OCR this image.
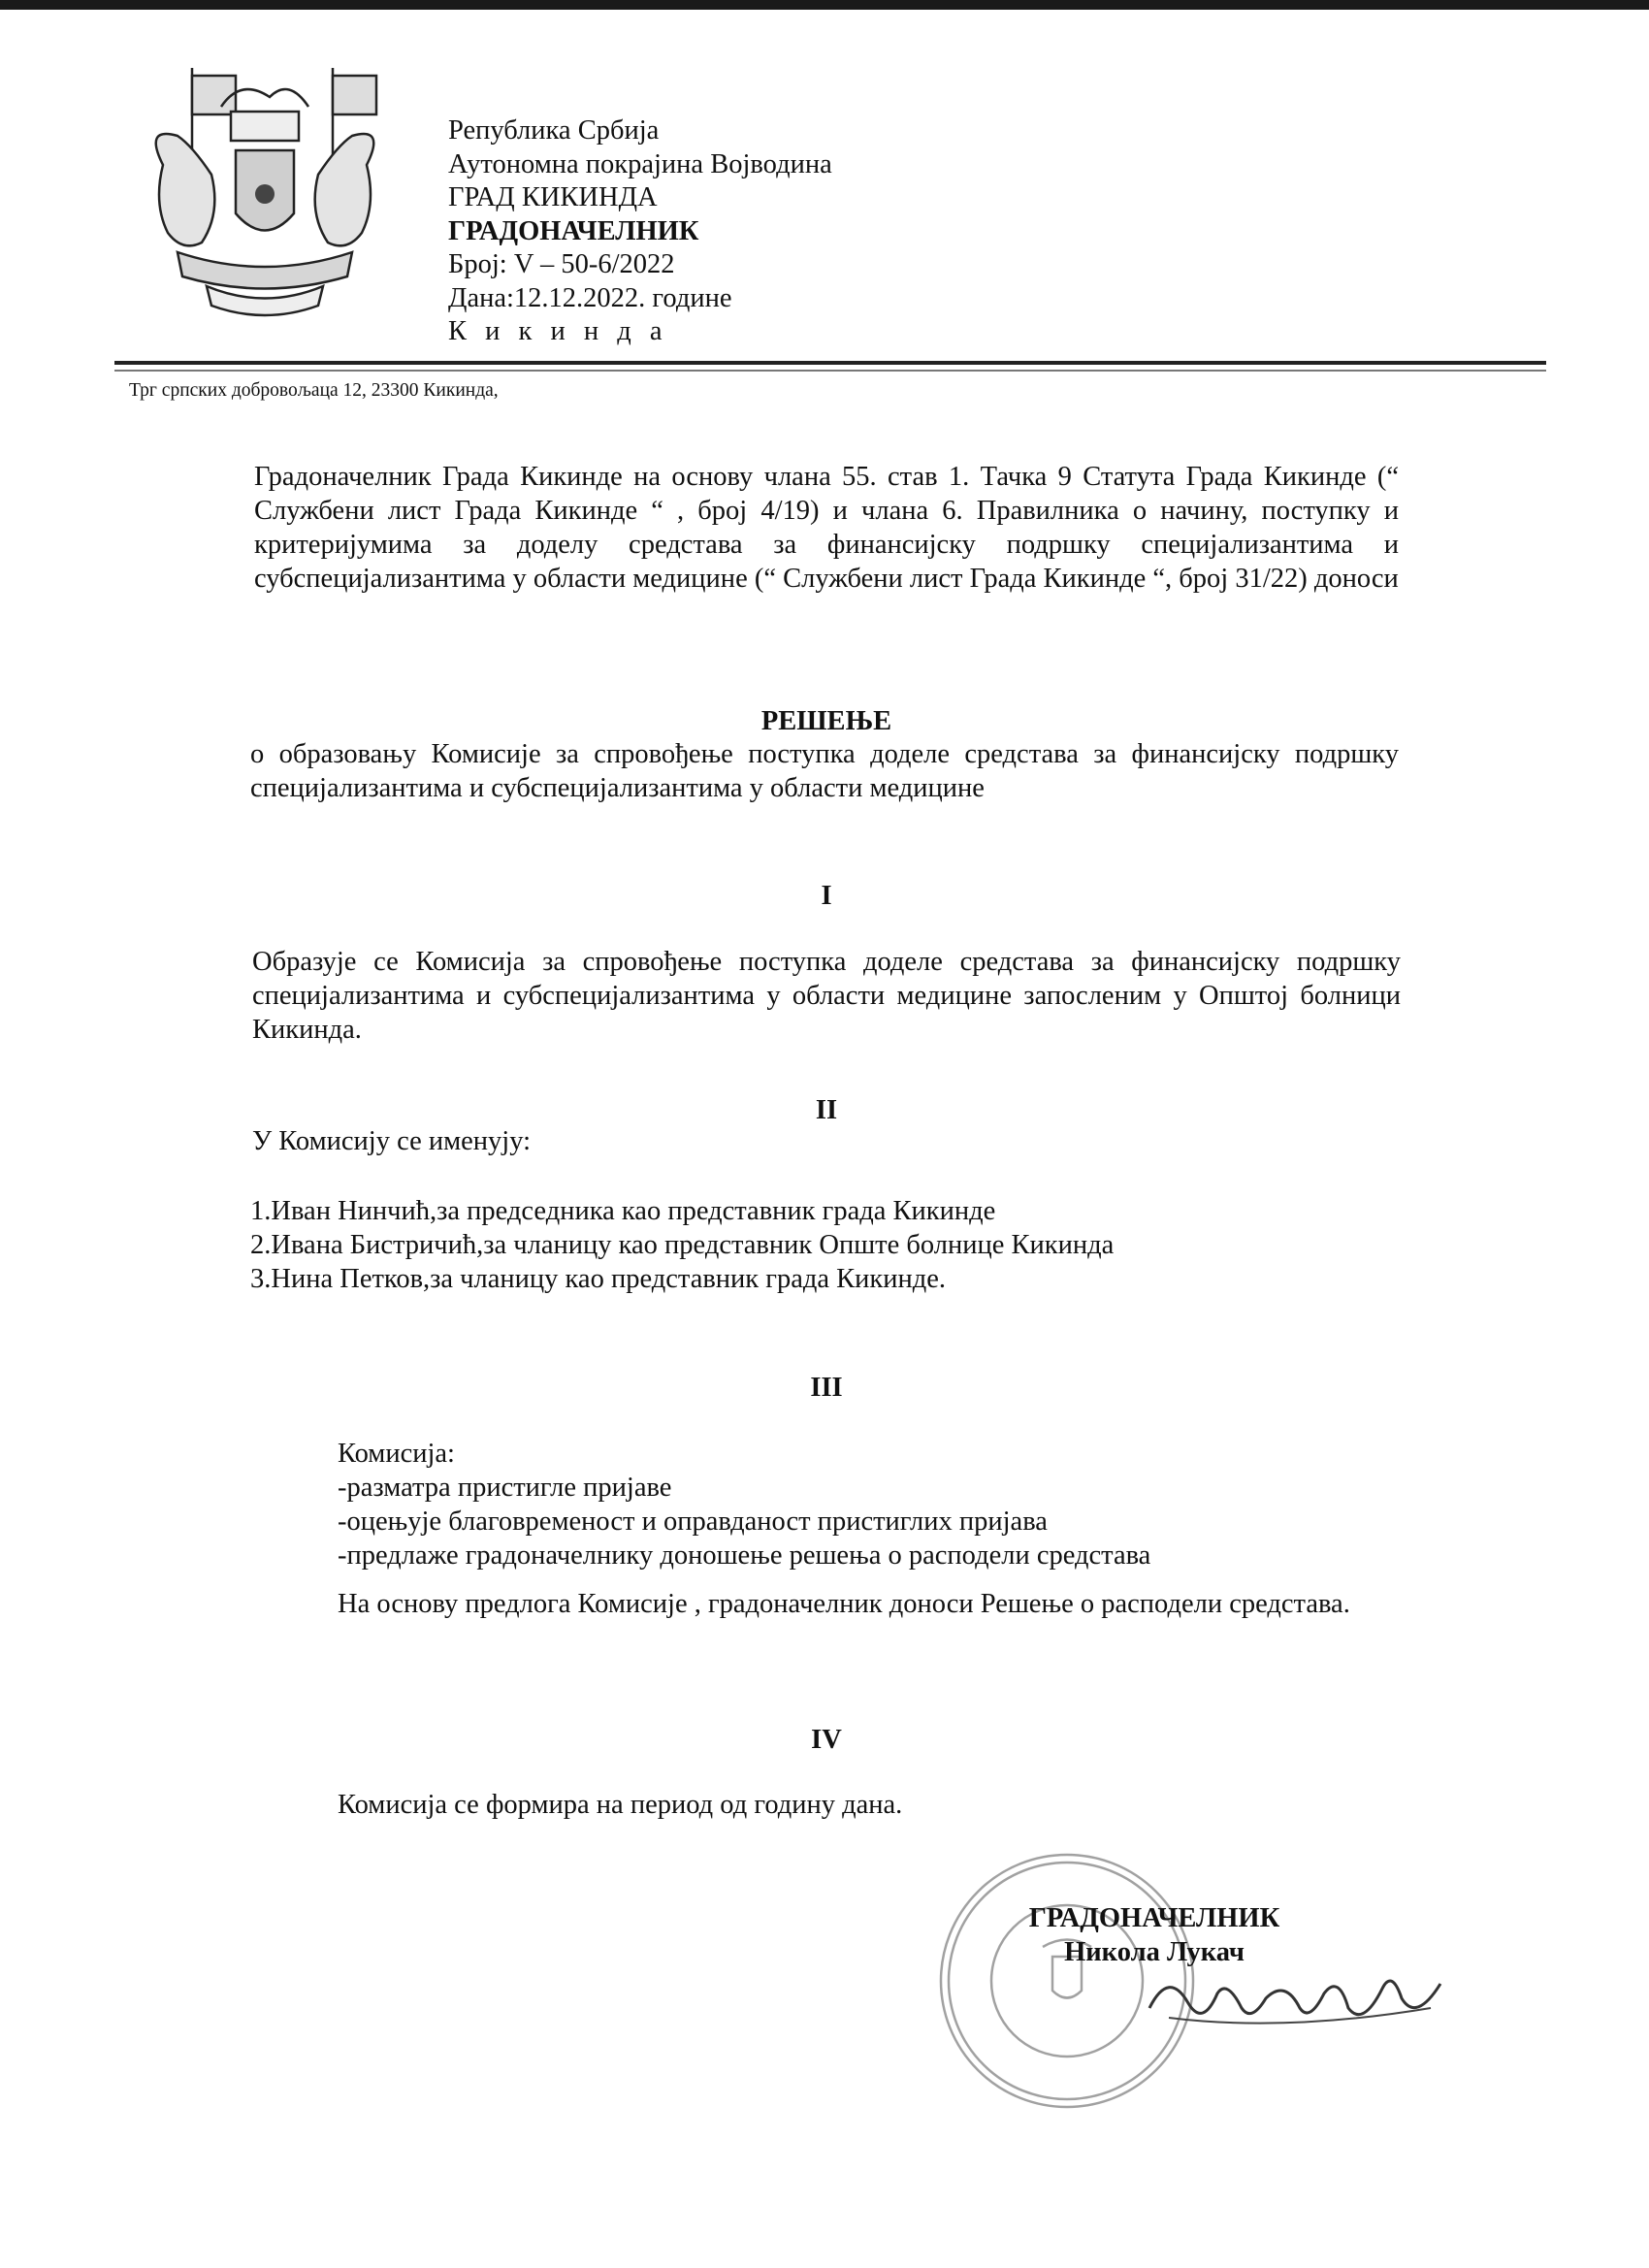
Република Србија
Аутономна покрајина Војводина
ГРАД КИКИНДА
ГРАДОНАЧЕЛНИК
Број: V – 50-6/2022
Дана:12.12.2022. године
К и к и н д а
Трг српских добровољаца 12, 23300 Кикинда,
Градоначелник Града Кикинде на основу члана 55. став 1. Тачка 9 Статута Града Кикинде (“ Службени лист Града Кикинде “ , број 4/19) и члана 6. Правилника о начину, поступку и критеријумима за доделу средстава за финансијску подршку специјализантима и субспецијализантима у области медицине (“ Службени лист Града Кикинде “, број 31/22) доноси
РЕШЕЊЕ
о образовању Комисије за спровођење поступка доделе средстава за финансијску подршку специјализантима и субспецијализантима у области медицине
I
Образује се Комисија за спровођење поступка доделе средстава за финансијску подршку специјализантима и субспецијализантима у области медицине запосленим у Општој болници Кикинда.
II
У Комисију се именују:
1.Иван Нинчић,за председника као представник града Кикинде
2.Ивана Бистричић,за чланицу као представник Опште болнице Кикинда
3.Нина Петков,за чланицу као представник града Кикинде.
III
Комисија:
-разматра пристигле пријаве
-оцењује благовременост и оправданост пристиглих пријава
-предлаже градоначелнику доношење решења о расподели средстава
На основу предлога Комисије , градоначелник доноси Решење о расподели средстава.
IV
Комисија се формира на период од годину дана.
ГРАДОНАЧЕЛНИК
Никола Лукач
